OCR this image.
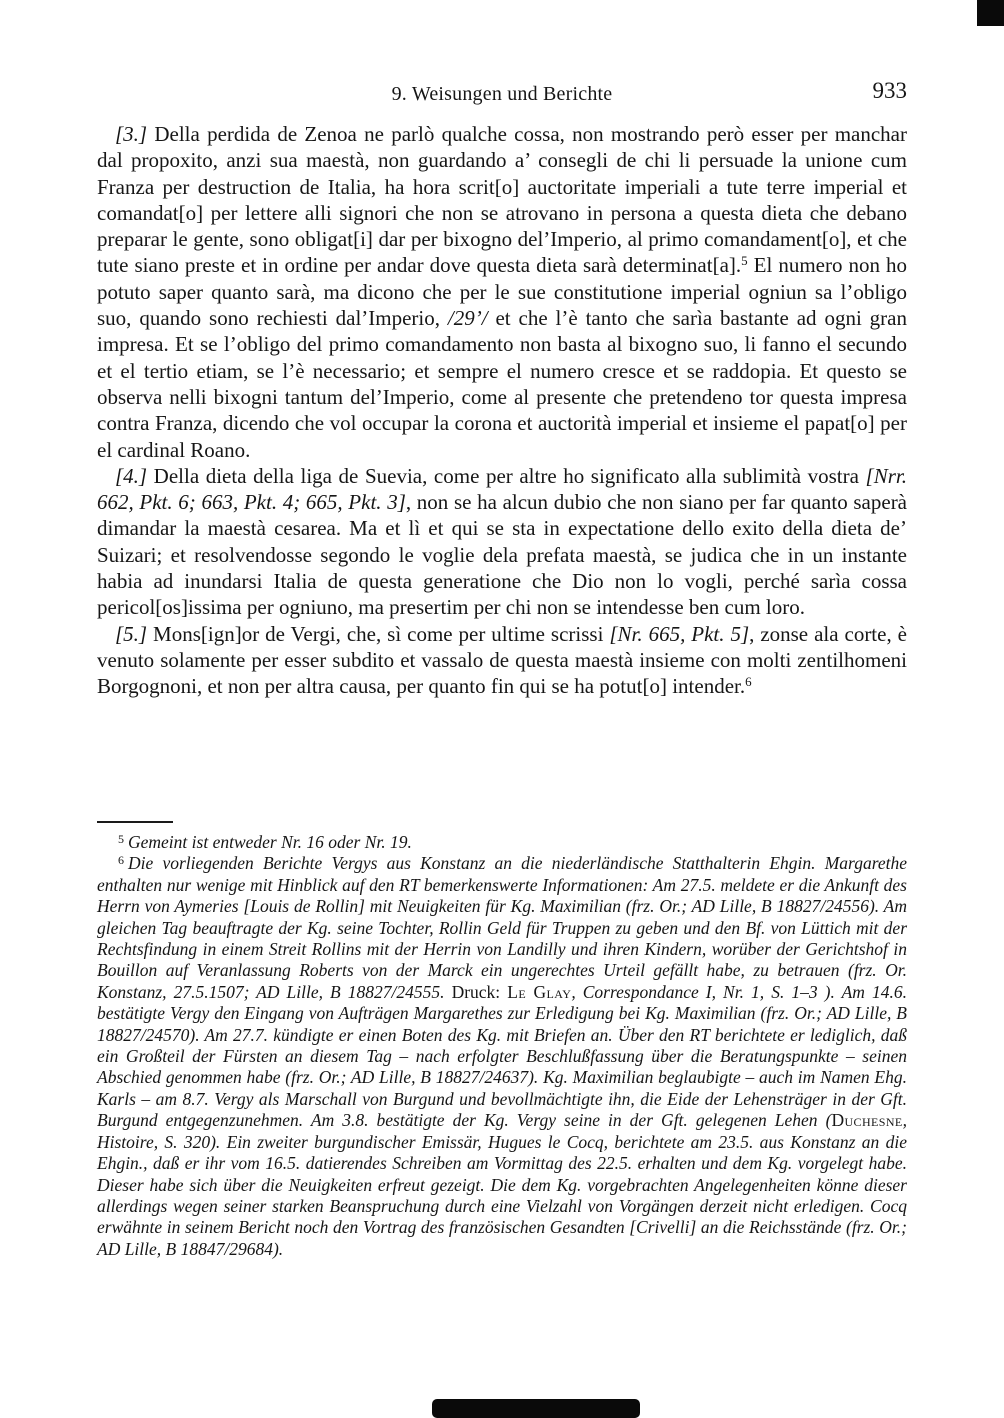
9. Weisungen und Berichte	933

[3.] Della perdida de Zenoa ne parlò qualche cossa, non mostrando però esser per manchar dal propoxito, anzi sua maestà, non guardando a’ consegli de chi li persuade la unione cum Franza per destruction de Italia, ha hora scrit[o] auctoritate imperiali a tute terre imperial et comandat[o] per lettere alli signori che non se atrovano in persona a questa dieta che debano preparar le gente, sono obligat[i] dar per bixogno del’Imperio, al primo comandament[o], et che tute siano preste et in ordine per andar dove questa dieta sarà determinat[a].$^5$ El numero non ho potuto saper quanto sarà, ma dicono che per le sue constitutione imperial ogniun sa l’obligo suo, quando sono rechiesti dal’Imperio, /29’/ et che l’è tanto che sarìa bastante ad ogni gran impresa. Et se l’obligo del primo comandamento non basta al bixogno suo, li fanno el secundo et el tertio etiam, se l’è necessario; et sempre el numero cresce et se raddopia. Et questo se observa nelli bixogni tantum del’Imperio, come al presente che pretendeno tor questa impresa contra Franza, dicendo che vol occupar la corona et auctorità imperial et insieme el papat[o] per el cardinal Roano.

[4.] Della dieta della liga de Suevia, come per altre ho significato alla sublimità vostra [Nrr. 662, Pkt. 6; 663, Pkt. 4; 665, Pkt. 3], non se ha alcun dubio che non siano per far quanto saperà dimandar la maestà cesarea. Ma et lì et qui se sta in expectatione dello exito della dieta de’ Suizari; et resolvendosse segondo le voglie dela prefata maestà, se judica che in un instante habia ad inundarsi Italia de questa generatione che Dio non lo vogli, perché sarìa cossa pericol[os]issima per ogniuno, ma presertim per chi non se intendesse ben cum loro.

[5.] Mons[ign]or de Vergi, che, sì come per ultime scrissi [Nr. 665, Pkt. 5], zonse ala corte, è venuto solamente per esser subdito et vassalo de questa maestà insieme con molti zentilhomeni Borgognoni, et non per altra causa, per quanto fin qui se ha potut[o] intender.$^6$

$^5$ Gemeint ist entweder Nr. 16 oder Nr. 19.

$^6$ Die vorliegenden Berichte Vergys aus Konstanz an die niederländische Statthalterin Ehgin. Margarethe enthalten nur wenige mit Hinblick auf den RT bemerkenswerte Informationen: Am 27.5. meldete er die Ankunft des Herrn von Aymeries [Louis de Rollin] mit Neuigkeiten für Kg. Maximilian (frz. Or.; AD Lille, B 18827/24556). Am gleichen Tag beauftragte der Kg. seine Tochter, Rollin Geld für Truppen zu geben und den Bf. von Lüttich mit der Rechtsfindung in einem Streit Rollins mit der Herrin von Landilly und ihren Kindern, worüber der Gerichtshof in Bouillon auf Veranlassung Roberts von der Marck ein ungerechtes Urteil gefällt habe, zu betrauen (frz. Or. Konstanz, 27.5.1507; AD Lille, B 18827/24555. Druck: Le Glay, Correspondance I, Nr. 1, S. 1–3 ). Am 14.6. bestätigte Vergy den Eingang von Aufträgen Margarethes zur Erledigung bei Kg. Maximilian (frz. Or.; AD Lille, B 18827/24570). Am 27.7. kündigte er einen Boten des Kg. mit Briefen an. Über den RT berichtete er lediglich, daß ein Großteil der Fürsten an diesem Tag – nach erfolgter Beschlußfassung über die Beratungspunkte – seinen Abschied genommen habe (frz. Or.; AD Lille, B 18827/24637). Kg. Maximilian beglaubigte – auch im Namen Ehg. Karls – am 8.7. Vergy als Marschall von Burgund und bevollmächtigte ihn, die Eide der Lehensträger in der Gft. Burgund entgegenzunehmen. Am 3.8. bestätigte der Kg. Vergy seine in der Gft. gelegenen Lehen (Duchesne, Histoire, S. 320). Ein zweiter burgundischer Emissär, Hugues le Cocq, berichtete am 23.5. aus Konstanz an die Ehgin., daß er ihr vom 16.5. datierendes Schreiben am Vormittag des 22.5. erhalten und dem Kg. vorgelegt habe. Dieser habe sich über die Neuigkeiten erfreut gezeigt. Die dem Kg. vorgebrachten Angelegenheiten könne dieser allerdings wegen seiner starken Beanspruchung durch eine Vielzahl von Vorgängen derzeit nicht erledigen. Cocq erwähnte in seinem Bericht noch den Vortrag des französischen Gesandten [Crivelli] an die Reichsstände (frz. Or.; AD Lille, B 18847/29684).
